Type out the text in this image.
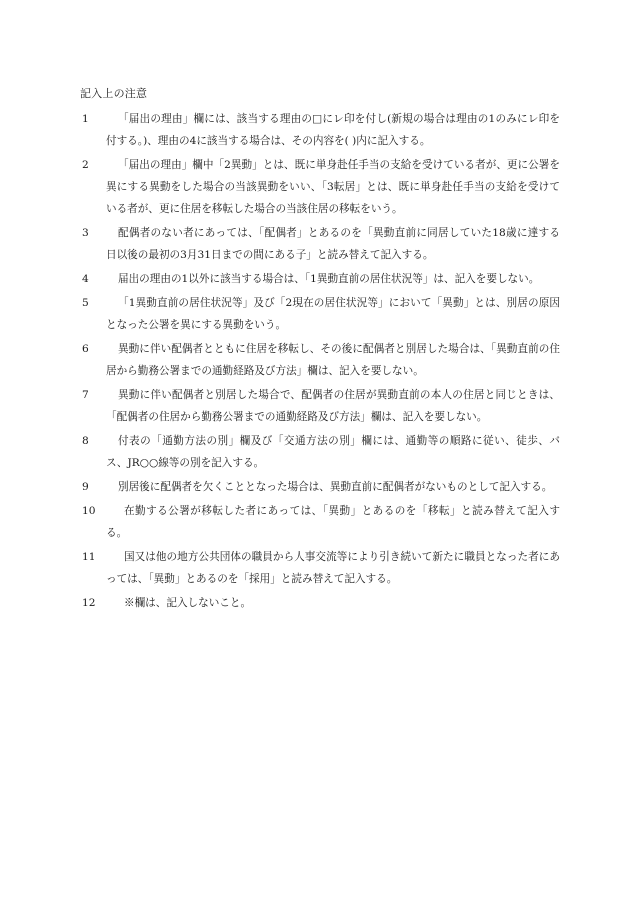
記入上の注意
1	「届出の理由」欄には、該当する理由の□にレ印を付し(新規の場合は理由の1のみにレ印を付する。)、理由の4に該当する場合は、その内容を( )内に記入する。
2	「届出の理由」欄中「2異動」とは、既に単身赴任手当の支給を受けている者が、更に公署を異にする異動をした場合の当該異動をいい、「3転居」とは、既に単身赴任手当の支給を受けている者が、更に住居を移転した場合の当該住居の移転をいう。
3	配偶者のない者にあっては、「配偶者」とあるのを「異動直前に同居していた18歳に達する日以後の最初の3月31日までの間にある子」と読み替えて記入する。
4	届出の理由の1以外に該当する場合は、「1異動直前の居住状況等」は、記入を要しない。
5	「1異動直前の居住状況等」及び「2現在の居住状況等」において「異動」とは、別居の原因となった公署を異にする異動をいう。
6	異動に伴い配偶者とともに住居を移転し、その後に配偶者と別居した場合は、「異動直前の住居から勤務公署までの通勤経路及び方法」欄は、記入を要しない。
7	異動に伴い配偶者と別居した場合で、配偶者の住居が異動直前の本人の住居と同じときは、「配偶者の住居から勤務公署までの通勤経路及び方法」欄は、記入を要しない。
8	付表の「通勤方法の別」欄及び「交通方法の別」欄には、通勤等の順路に従い、徒歩、バス、JR○○線等の別を記入する。
9	別居後に配偶者を欠くこととなった場合は、異動直前に配偶者がないものとして記入する。
10	在勤する公署が移転した者にあっては、「異動」とあるのを「移転」と読み替えて記入する。
11	国又は他の地方公共団体の職員から人事交流等により引き続いて新たに職員となった者にあっては、「異動」とあるのを「採用」と読み替えて記入する。
12	※欄は、記入しないこと。
